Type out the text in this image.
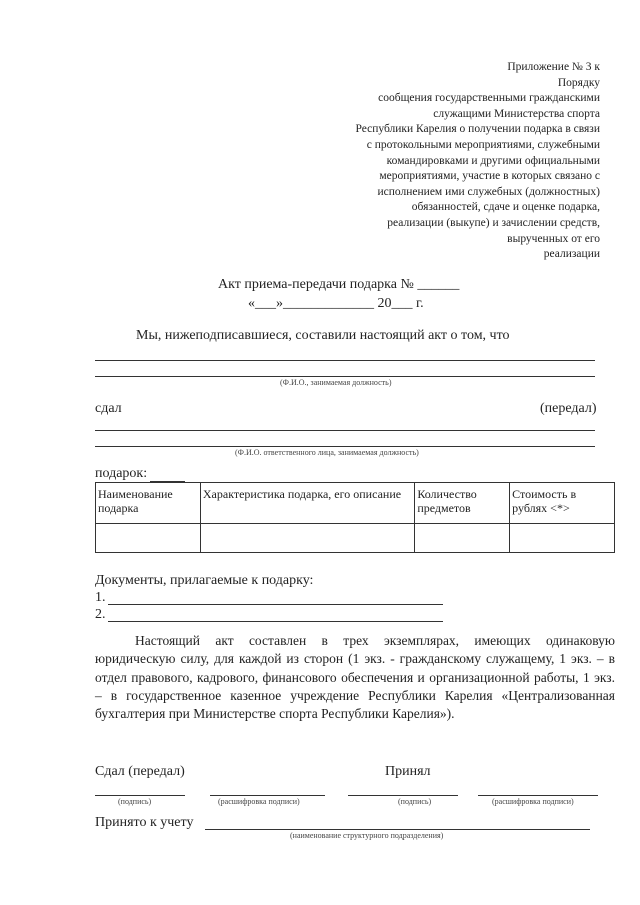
Приложение № 3 к
Порядку
сообщения государственными гражданскими
служащими Министерства спорта
Республики Карелия о получении подарка в связи
с протокольными мероприятиями, служебными
командировками и другими официальными
мероприятиями, участие в которых связано с
исполнением ими служебных (должностных)
обязанностей, сдаче и оценке подарка,
реализации (выкупе) и зачислении средств,
вырученных от его
реализации
Акт приема-передачи подарка № ______
«___»_____________ 20___ г.
Мы, нижеподписавшиеся, составили настоящий акт о том, что
(Ф.И.О., занимаемая должность)
сдал	(передал)
(Ф.И.О. ответственного лица, занимаемая должность)
подарок:
Наименование подарка	Характеристика подарка, его описание	Количество предметов	Стоимость в рублях <*>

Документы, прилагаемые к подарку:
1.
2.
Настоящий акт составлен в трех экземплярах, имеющих одинаковую юридическую силу, для каждой из сторон (1 экз. - гражданскому служащему, 1 экз. – в отдел правового, кадрового, финансового обеспечения и организационной работы, 1 экз. – в государственное казенное учреждение Республики Карелия «Централизованная бухгалтерия при Министерстве спорта Республики Карелия»).
Сдал (передал)	Принял
(подпись)	(расшифровка подписи)	(подпись)	(расшифровка подписи)
Принято к учету
(наименование структурного подразделения)
